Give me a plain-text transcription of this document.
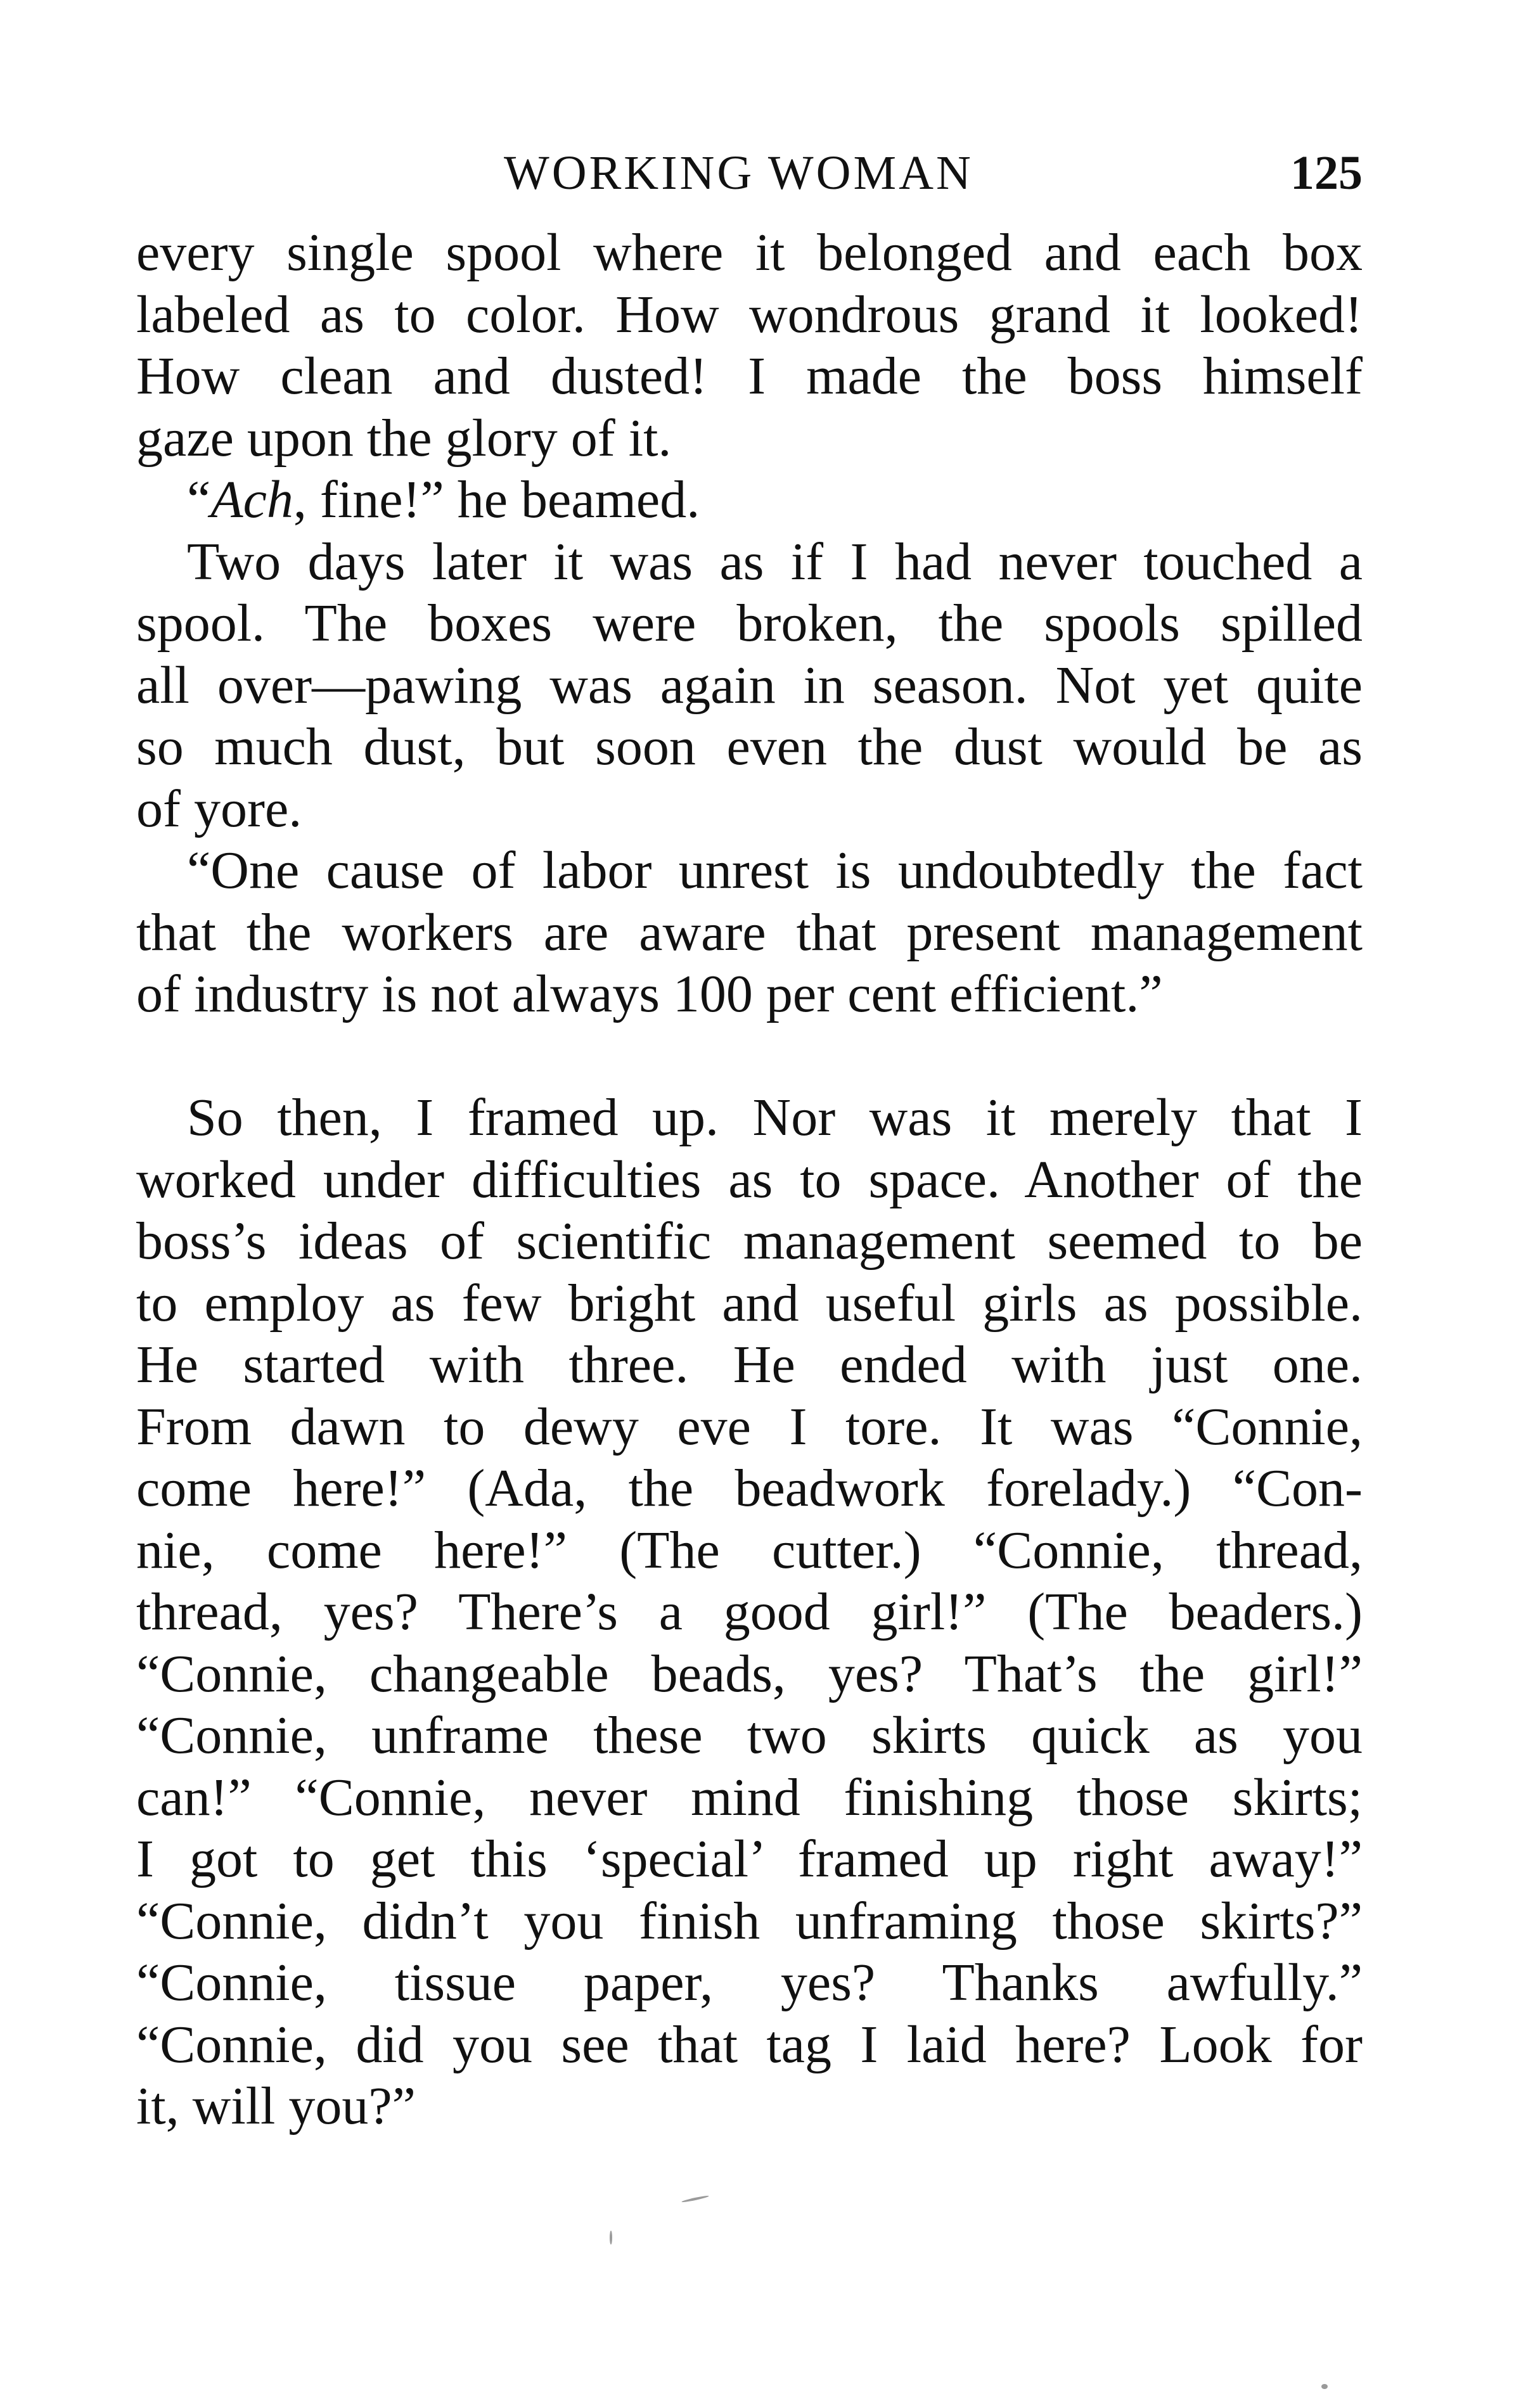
WORKING WOMAN	125
every single spool where it belonged and each box
labeled as to color. How wondrous grand it looked!
How clean and dusted! I made the boss himself
gaze upon the glory of it.
“Ach, fine!” he beamed.
Two days later it was as if I had never touched a
spool. The boxes were broken, the spools spilled
all over—pawing was again in season. Not yet quite
so much dust, but soon even the dust would be as
of yore.
“One cause of labor unrest is undoubtedly the fact
that the workers are aware that present management
of industry is not always 100 per cent efficient.”
So then, I framed up. Nor was it merely that I
worked under difficulties as to space. Another of the
boss’s ideas of scientific management seemed to be
to employ as few bright and useful girls as possible.
He started with three. He ended with just one.
From dawn to dewy eve I tore. It was “Connie,
come here!” (Ada, the beadwork forelady.) “Con-
nie, come here!” (The cutter.) “Connie, thread,
thread, yes? There’s a good girl!” (The beaders.)
“Connie, changeable beads, yes? That’s the girl!”
“Connie, unframe these two skirts quick as you
can!” “Connie, never mind finishing those skirts;
I got to get this ‘special’ framed up right away!”
“Connie, didn’t you finish unframing those skirts?”
“Connie, tissue paper, yes? Thanks awfully.”
“Connie, did you see that tag I laid here? Look for
it, will you?”
